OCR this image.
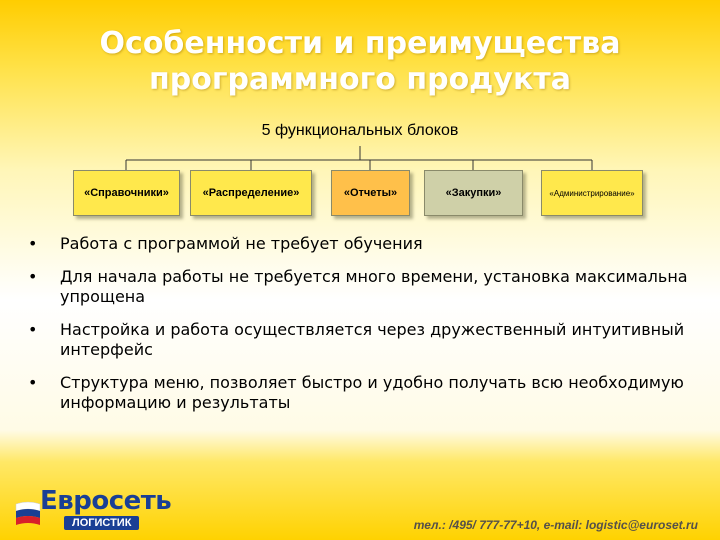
Особенности и преимущества
программного продукта
5 функциональных блоков
«Справочники»	«Распределение»	«Отчеты»	«Закупки»	«Администрирование»
• Работа с программой не требует обучения
• Для начала работы не требуется много времени, установка максимальна упрощена
• Настройка и работа осуществляется через дружественный интуитивный интерфейс
• Структура меню, позволяет быстро и удобно получать всю необходимую информацию и результаты
Евросеть
ЛОГИСТИК	тел.: /495/ 777-77+10, e-mail: logistic@euroset.ru
